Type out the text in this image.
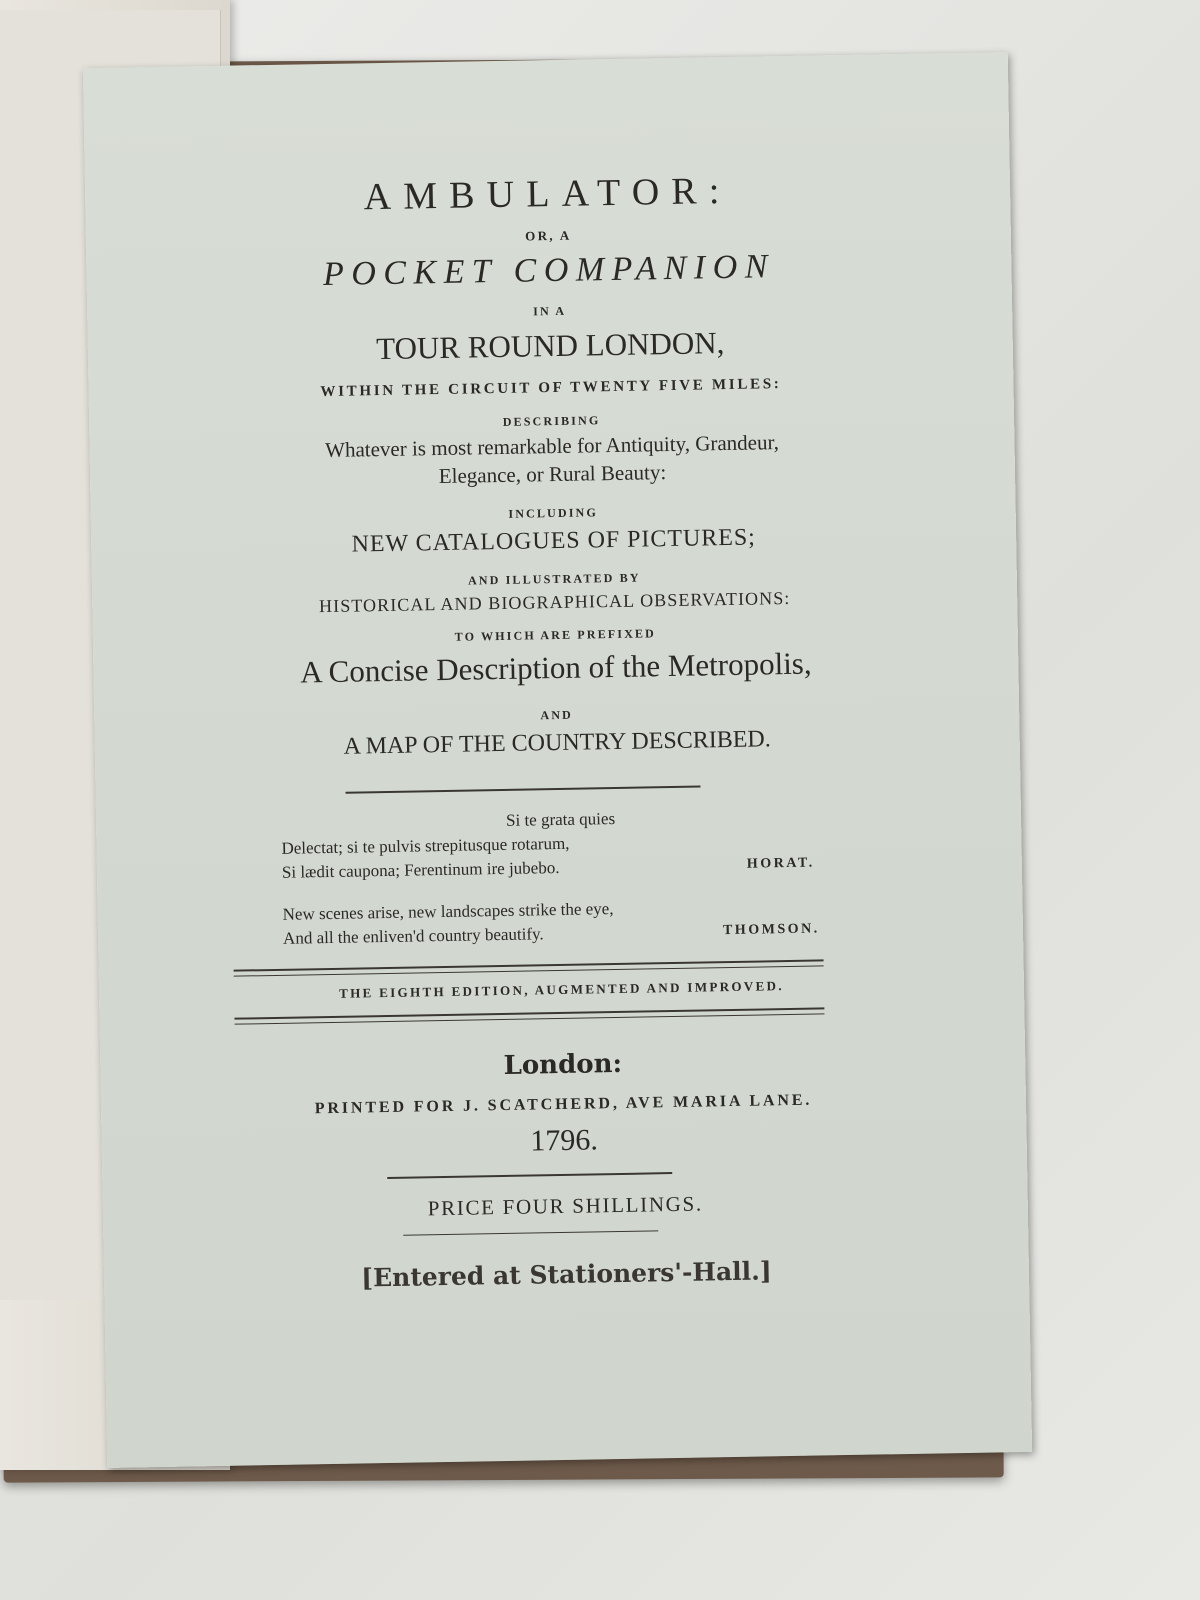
AMBULATOR:
OR, A
POCKET COMPANION
IN A
TOUR ROUND LONDON,
WITHIN THE CIRCUIT OF TWENTY FIVE MILES:
DESCRIBING
Whatever is most remarkable for Antiquity, Grandeur,
Elegance, or Rural Beauty:
INCLUDING
NEW CATALOGUES OF PICTURES;
AND ILLUSTRATED BY
HISTORICAL AND BIOGRAPHICAL OBSERVATIONS:
TO WHICH ARE PREFIXED
A Concise Description of the Metropolis,
AND
A MAP OF THE COUNTRY DESCRIBED.
Si te grata quies
Delectat; si te pulvis strepitusque rotarum,
Si lædit caupona; Ferentinum ire jubebo.	HORAT.
New scenes arise, new landscapes strike the eye,
And all the enliven'd country beautify.	THOMSON.
THE EIGHTH EDITION, AUGMENTED AND IMPROVED.
London:
PRINTED FOR J. SCATCHERD, AVE MARIA LANE.
1796.
PRICE FOUR SHILLINGS.
[Entered at Stationers'-Hall.]
